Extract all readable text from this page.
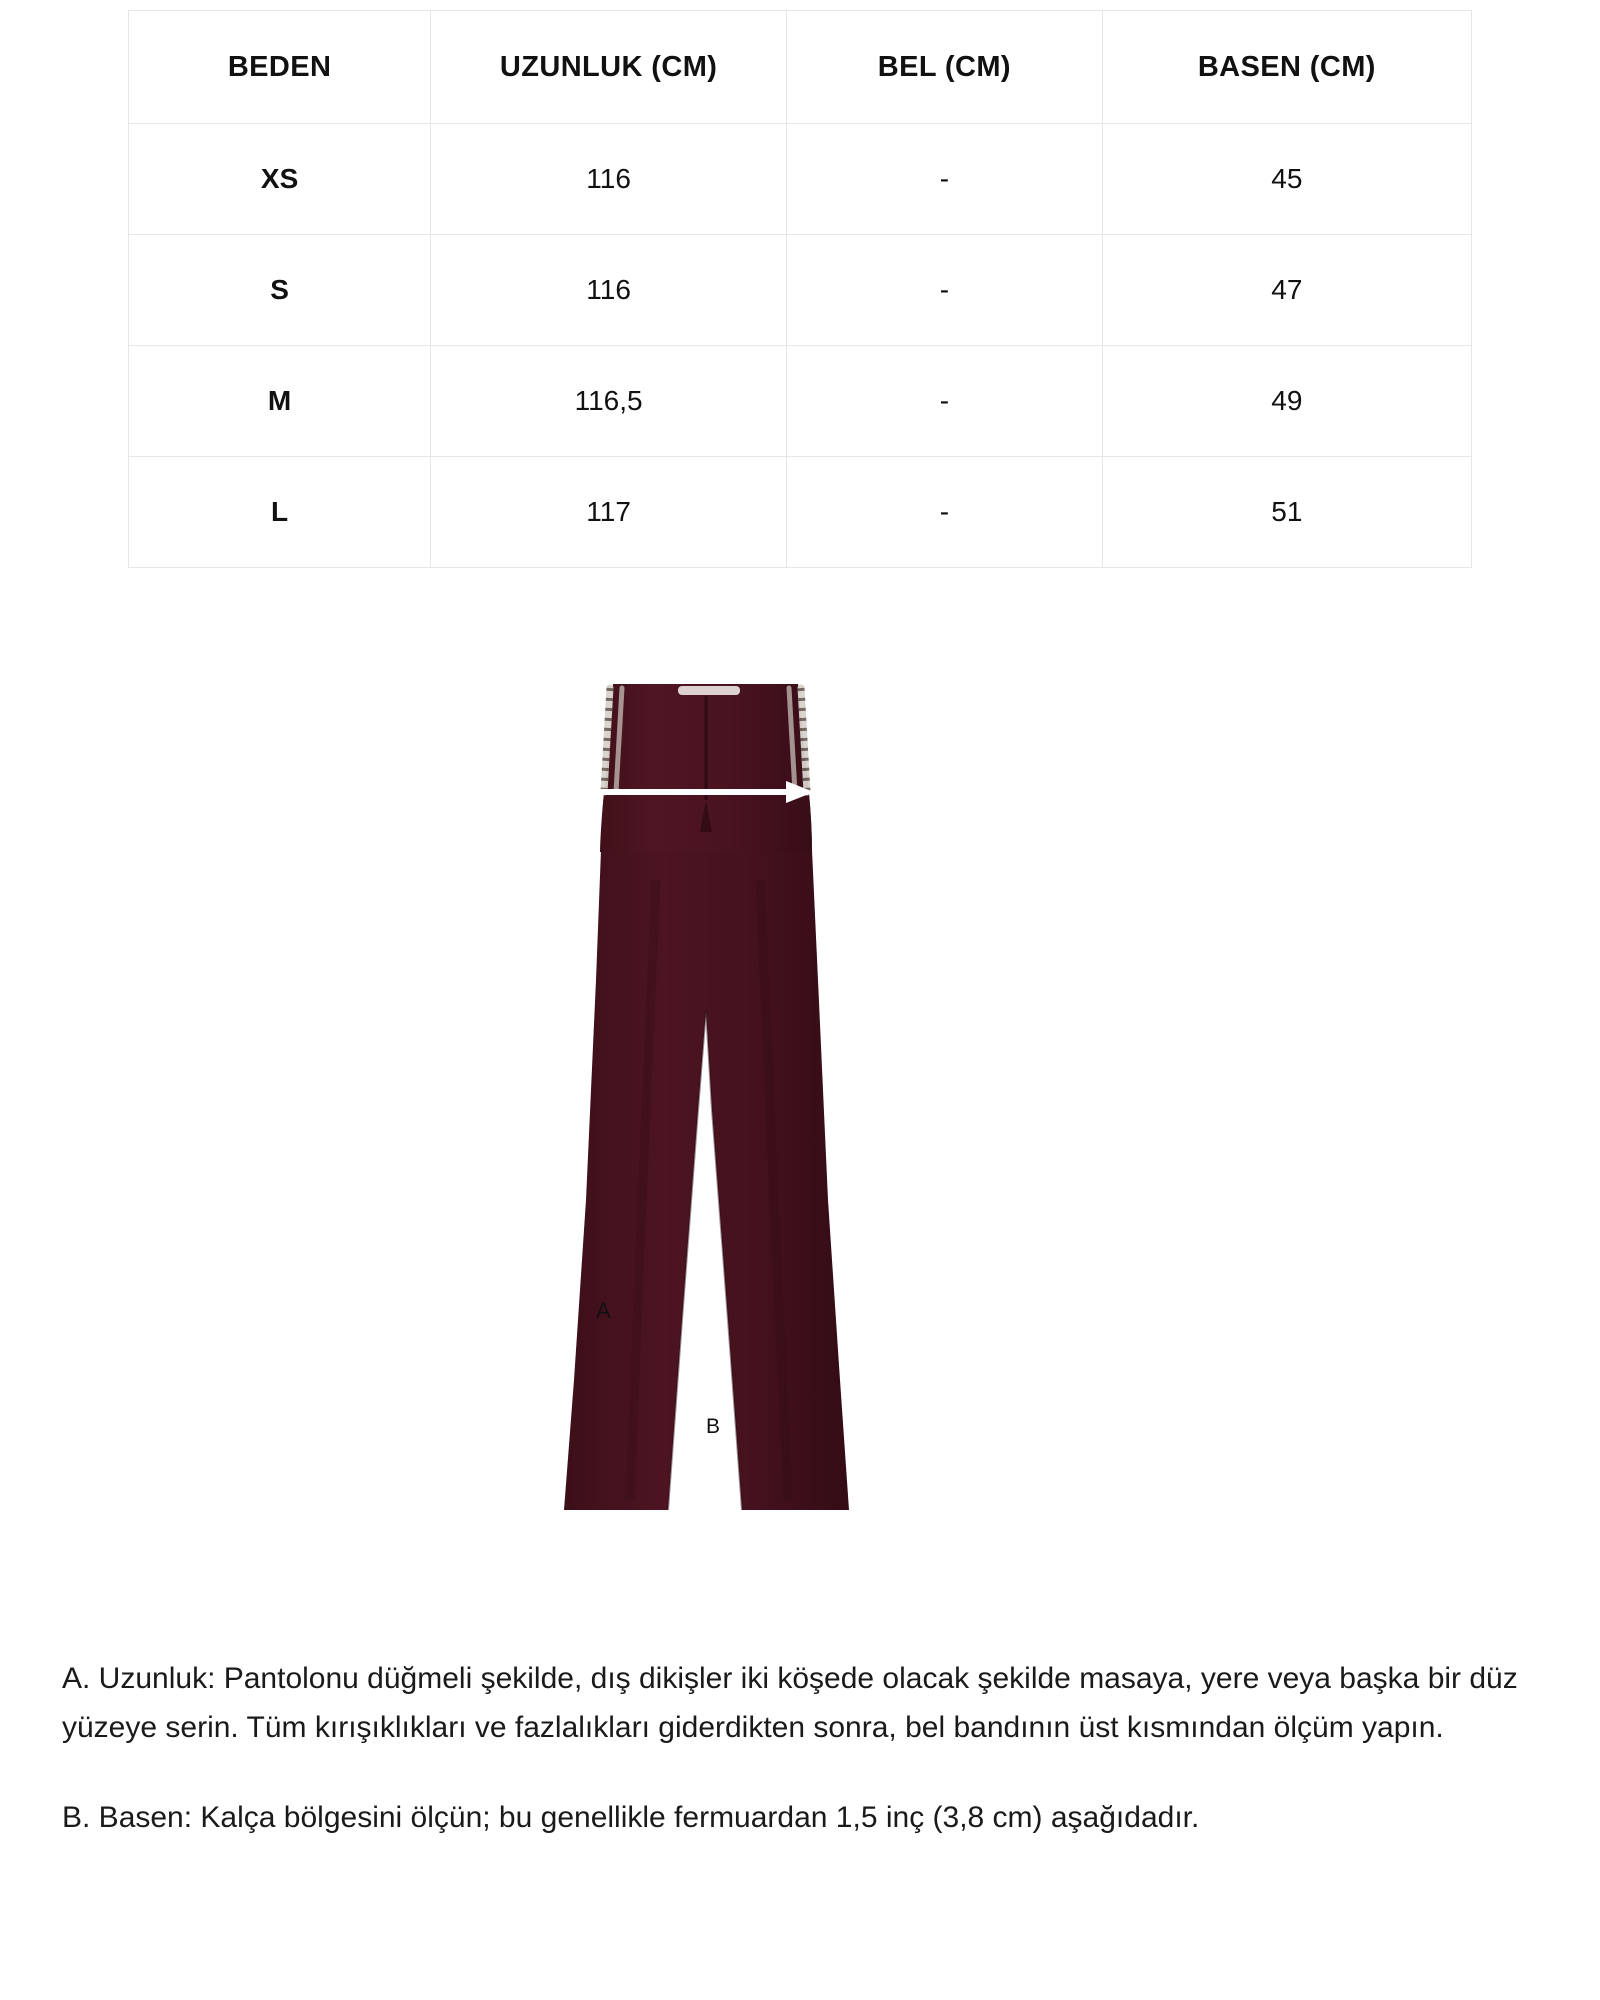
BEDEN	UZUNLUK (CM)	BEL (CM)	BASEN (CM)
XS	116	-	45
S	116	-	47
M	116,5	-	49
L	117	-	51
A
B

A. Uzunluk: Pantolonu düğmeli şekilde, dış dikişler iki köşede olacak şekilde masaya, yere veya başka bir düz yüzeye serin. Tüm kırışıklıkları ve fazlalıkları giderdikten sonra, bel bandının üst kısmından ölçüm yapın.

B. Basen: Kalça bölgesini ölçün; bu genellikle fermuardan 1,5 inç (3,8 cm) aşağıdadır.
